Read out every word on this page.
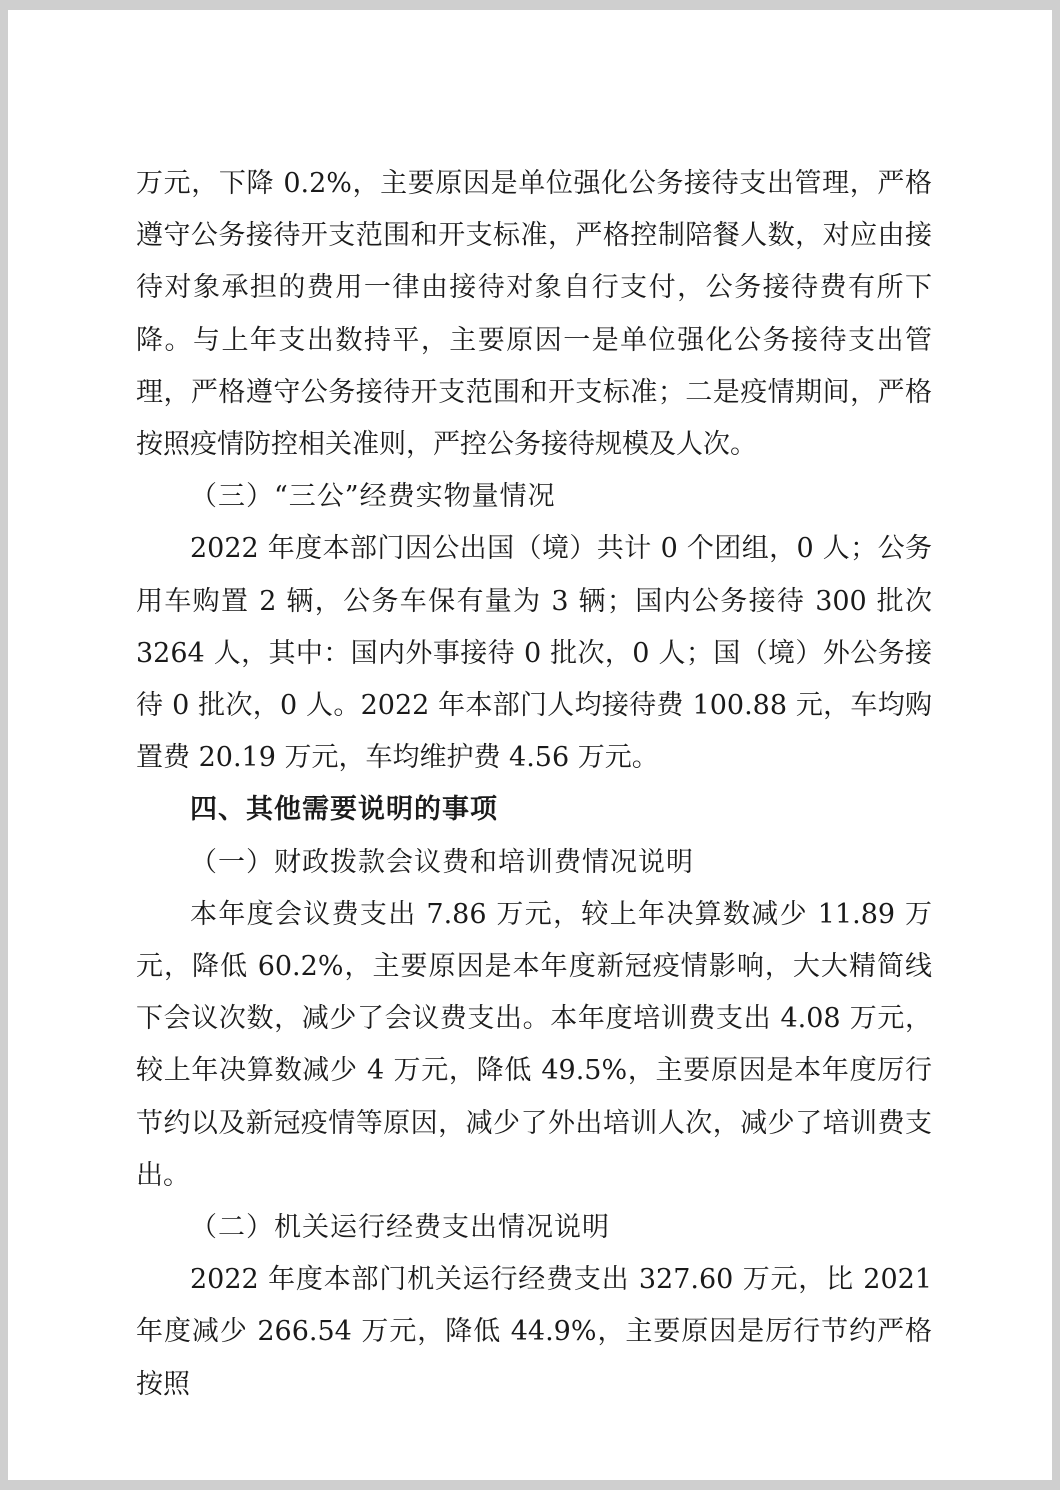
万元，下降 0.2%，主要原因是单位强化公务接待支出管理，严格遵守公务接待开支范围和开支标准，严格控制陪餐人数，对应由接待对象承担的费用一律由接待对象自行支付，公务接待费有所下降。与上年支出数持平，主要原因一是单位强化公务接待支出管理，严格遵守公务接待开支范围和开支标准；二是疫情期间，严格按照疫情防控相关准则，严控公务接待规模及人次。

（三）“三公”经费实物量情况

2022 年度本部门因公出国（境）共计 0 个团组，0 人；公务用车购置 2 辆，公务车保有量为 3 辆；国内公务接待 300 批次 3264 人，其中：国内外事接待 0 批次，0 人；国（境）外公务接待 0 批次，0 人。2022 年本部门人均接待费 100.88 元，车均购置费 20.19 万元，车均维护费 4.56 万元。

四、其他需要说明的事项

（一）财政拨款会议费和培训费情况说明

本年度会议费支出 7.86 万元，较上年决算数减少 11.89 万元，降低 60.2%，主要原因是本年度新冠疫情影响，大大精简线下会议次数，减少了会议费支出。本年度培训费支出 4.08 万元，较上年决算数减少 4 万元，降低 49.5%，主要原因是本年度厉行节约以及新冠疫情等原因，减少了外出培训人次，减少了培训费支出。

（二）机关运行经费支出情况说明

2022 年度本部门机关运行经费支出 327.60 万元，比 2021 年度减少 266.54 万元，降低 44.9%，主要原因是厉行节约严格按照
